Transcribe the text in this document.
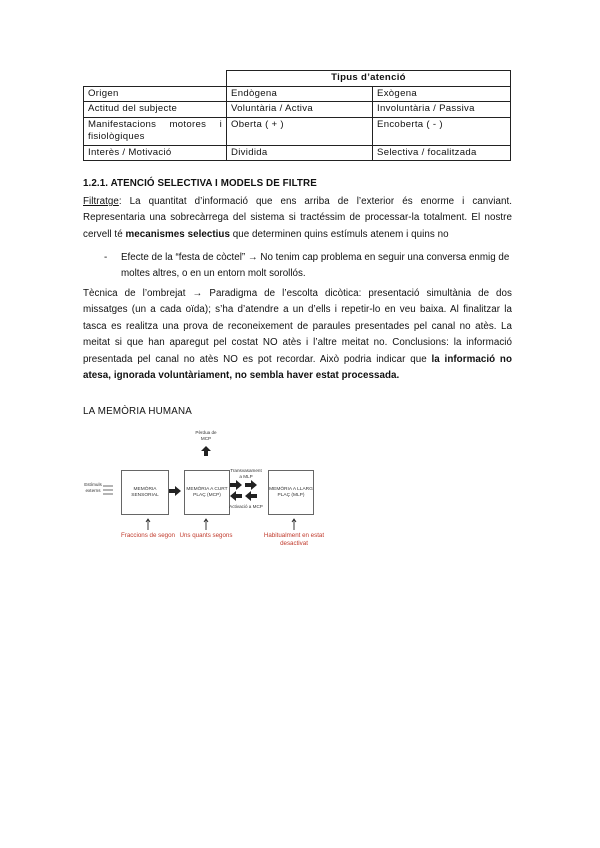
	Tipus d’atenció	
Origen	Endògena	Exògena
Actitud del subjecte	Voluntària / Activa	Involuntària / Passiva

Manifestacions motores i
fisiològiques	Oberta ( + )	Encoberta ( - )
Interès / Motivació	Dividida	Selectiva / focalitzada
1.2.1. ATENCIÓ SELECTIVA I MODELS DE FILTRE

Filtratge: La quantitat d’informació que ens arriba de l’exterior és enorme i canviant. Representaria una sobrecàrrega del sistema si tractéssim de processar-la totalment. El nostre cervell té mecanismes selectius que determinen quins estímuls atenem i quins no

- Efecte de la “festa de còctel” → No tenim cap problema en seguir una conversa enmig de moltes altres, o en un entorn molt sorollós.

Tècnica de l’ombrejat → Paradigma de l’escolta dicòtica: presentació simultània de dos missatges (un a cada oïda); s’ha d’atendre a un d’ells i repetir-lo en veu baixa. Al finalitzar la tasca es realitza una prova de reconeixement de paraules presentades pel canal no atès. La meitat si que han aparegut pel costat NO atès i l’altre meitat no. Conclusions: la informació presentada pel canal no atès NO es pot recordar. Això podria indicar que la informació no atesa, ignorada voluntàriament, no sembla haver estat processada.

LA MEMÒRIA HUMANA
Estímuls externs	MEMÒRIA SENSORIAL
MEMÒRIA A CURT PLAÇ (MCP)
MEMÒRIA A LLARG PLAÇ (MLP)
Pèrdua de MCP
Transvasament a MLP
Activació a MCP
Fraccions de segon Uns quants segons	Habitualment en estat desactivat
